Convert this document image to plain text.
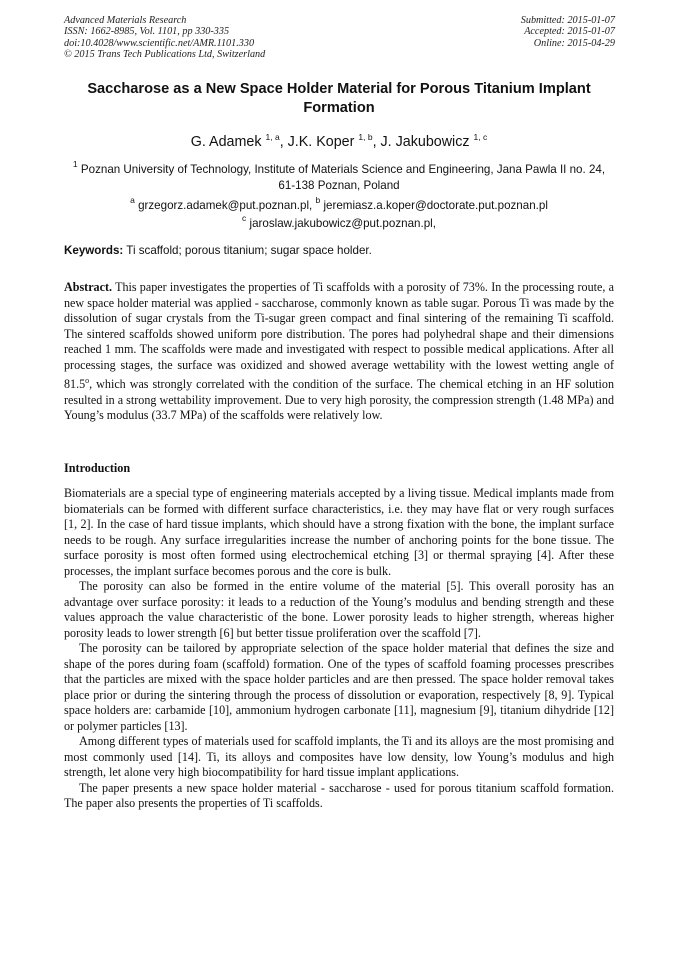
Advanced Materials Research
ISSN: 1662-8985, Vol. 1101, pp 330-335
doi:10.4028/www.scientific.net/AMR.1101.330
© 2015 Trans Tech Publications Ltd, Switzerland
Submitted: 2015-01-07
Accepted: 2015-01-07
Online: 2015-04-29
Saccharose as a New Space Holder Material for Porous Titanium Implant Formation
G. Adamek $^{1, a}$, J.K. Koper $^{1, b}$, J. Jakubowicz $^{1, c}$
$^1$ Poznan University of Technology, Institute of Materials Science and Engineering, Jana Pawla II no. 24, 61-138 Poznan, Poland
$^a$ grzegorz.adamek@put.poznan.pl, $^b$ jeremiasz.a.koper@doctorate.put.poznan.pl
$^c$ jaroslaw.jakubowicz@put.poznan.pl,
Keywords: Ti scaffold; porous titanium; sugar space holder.
Abstract. This paper investigates the properties of Ti scaffolds with a porosity of 73%. In the processing route, a new space holder material was applied - saccharose, commonly known as table sugar. Porous Ti was made by the dissolution of sugar crystals from the Ti-sugar green compact and final sintering of the remaining Ti scaffold. The sintered scaffolds showed uniform pore distribution. The pores had polyhedral shape and their dimensions reached 1 mm. The scaffolds were made and investigated with respect to possible medical applications. After all processing stages, the surface was oxidized and showed average wettability with the lowest wetting angle of 81.5$^o$, which was strongly correlated with the condition of the surface. The chemical etching in an HF solution resulted in a strong wettability improvement. Due to very high porosity, the compression strength (1.48 MPa) and Young’s modulus (33.7 MPa) of the scaffolds were relatively low.
Introduction

Biomaterials are a special type of engineering materials accepted by a living tissue. Medical implants made from biomaterials can be formed with different surface characteristics, i.e. they may have flat or very rough surfaces [1, 2]. In the case of hard tissue implants, which should have a strong fixation with the bone, the implant surface needs to be rough. Any surface irregularities increase the number of anchoring points for the bone tissue. The surface porosity is most often formed using electrochemical etching [3] or thermal spraying [4]. After these processes, the implant surface becomes porous and the core is bulk.

The porosity can also be formed in the entire volume of the material [5]. This overall porosity has an advantage over surface porosity: it leads to a reduction of the Young’s modulus and bending strength and these values approach the value characteristic of the bone. Lower porosity leads to higher strength, whereas higher porosity leads to lower strength [6] but better tissue proliferation over the scaffold [7].

The porosity can be tailored by appropriate selection of the space holder material that defines the size and shape of the pores during foam (scaffold) formation. One of the types of scaffold foaming processes prescribes that the particles are mixed with the space holder particles and are then pressed. The space holder removal takes place prior or during the sintering through the process of dissolution or evaporation, respectively [8, 9]. Typical space holders are: carbamide [10], ammonium hydrogen carbonate [11], magnesium [9], titanium dihydride [12] or polymer particles [13].

Among different types of materials used for scaffold implants, the Ti and its alloys are the most promising and most commonly used [14]. Ti, its alloys and composites have low density, low Young’s modulus and high strength, let alone very high biocompatibility for hard tissue implant applications.

The paper presents a new space holder material - saccharose - used for porous titanium scaffold formation. The paper also presents the properties of Ti scaffolds.
